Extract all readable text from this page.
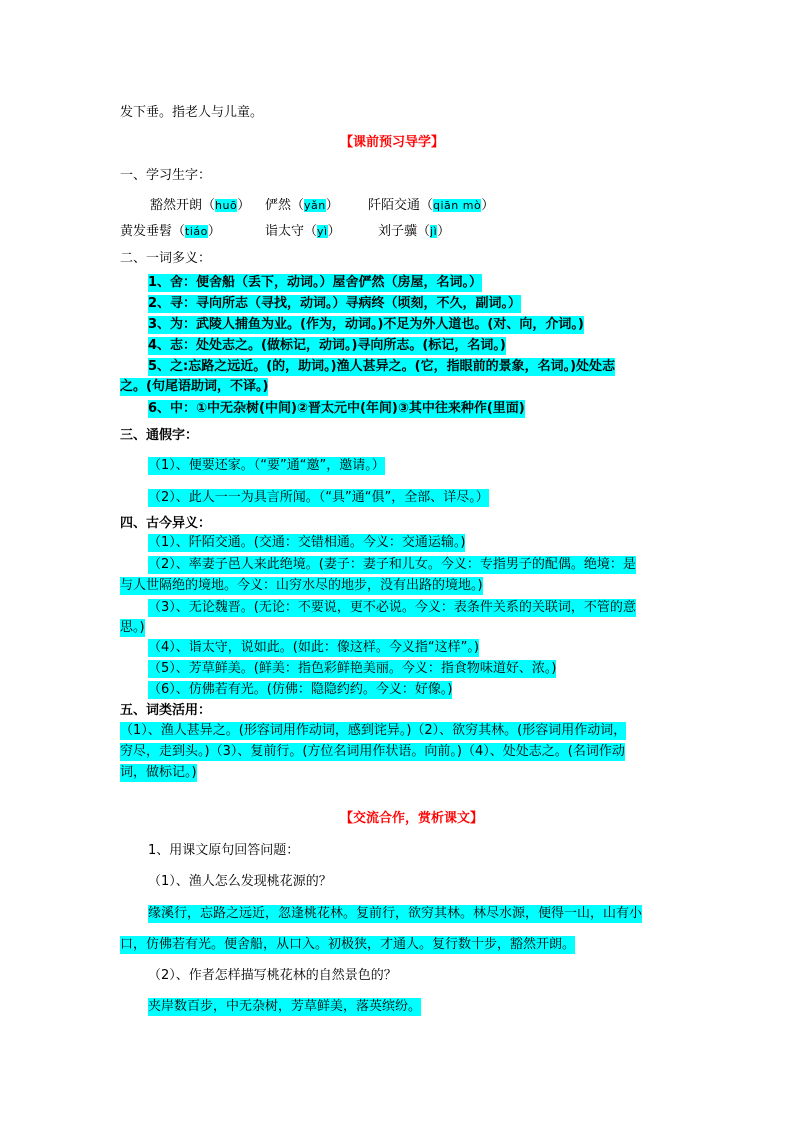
发下垂。指老人与儿童。
【课前预习导学】
一、学习生字：
豁然开朗（huō） 俨然（yǎn） 阡陌交通（qiān mò）
黄发垂髫（tiáo）	诣太守（yì）	刘子骥（jì）
二、一词多义：
1、舍：便舍船（丢下，动词。）屋舍俨然（房屋，名词。）
2、寻：寻向所志（寻找，动词。）寻病终（顷刻，不久，副词。）
3、为：武陵人捕鱼为业。(作为，动词。)不足为外人道也。(对、向，介词。)
4、志：处处志之。(做标记，动词。)寻向所志。(标记，名词。)
5、之:忘路之远近。(的，助词。)渔人甚异之。(它，指眼前的景象，名词。)处处志
之。(句尾语助词，不译。)
6、中：①中无杂树(中间)②晋太元中(年间)③其中往来种作(里面)
三、通假字：
（1）、便要还家。（“要”通“邀”，邀请。）
（2）、此人一一为具言所闻。（“具”通“俱”，全部、详尽。）
四、古今异义：
（1）、阡陌交通。(交通：交错相通。今义：交通运输。)
（2）、率妻子邑人来此绝境。(妻子：妻子和儿女。今义：专指男子的配偶。绝境：是
与人世隔绝的境地。今义：山穷水尽的地步，没有出路的境地。)
（3）、无论魏晋。(无论：不要说，更不必说。今义：表条件关系的关联词，不管的意
思。)
（4）、诣太守，说如此。(如此：像这样。今义指“这样”。)
（5）、芳草鲜美。(鲜美：指色彩鲜艳美丽。今义：指食物味道好、浓。)
（6）、仿佛若有光。(仿佛：隐隐约约。今义：好像。)
五、词类活用：
（1）、渔人甚异之。(形容词用作动词，感到诧异。)（2）、欲穷其林。(形容词用作动词，
穷尽，走到头。)（3）、复前行。(方位名词用作状语。向前。)（4）、处处志之。(名词作动
词，做标记。)
【交流合作，赏析课文】
1、用课文原句回答问题：
（1）、渔人怎么发现桃花源的？
缘溪行，忘路之远近，忽逢桃花林。复前行，欲穷其林。林尽水源，便得一山，山有小
口，仿佛若有光。便舍船，从口入。初极狭，才通人。复行数十步，豁然开朗。
（2）、作者怎样描写桃花林的自然景色的？
夹岸数百步，中无杂树，芳草鲜美，落英缤纷。
